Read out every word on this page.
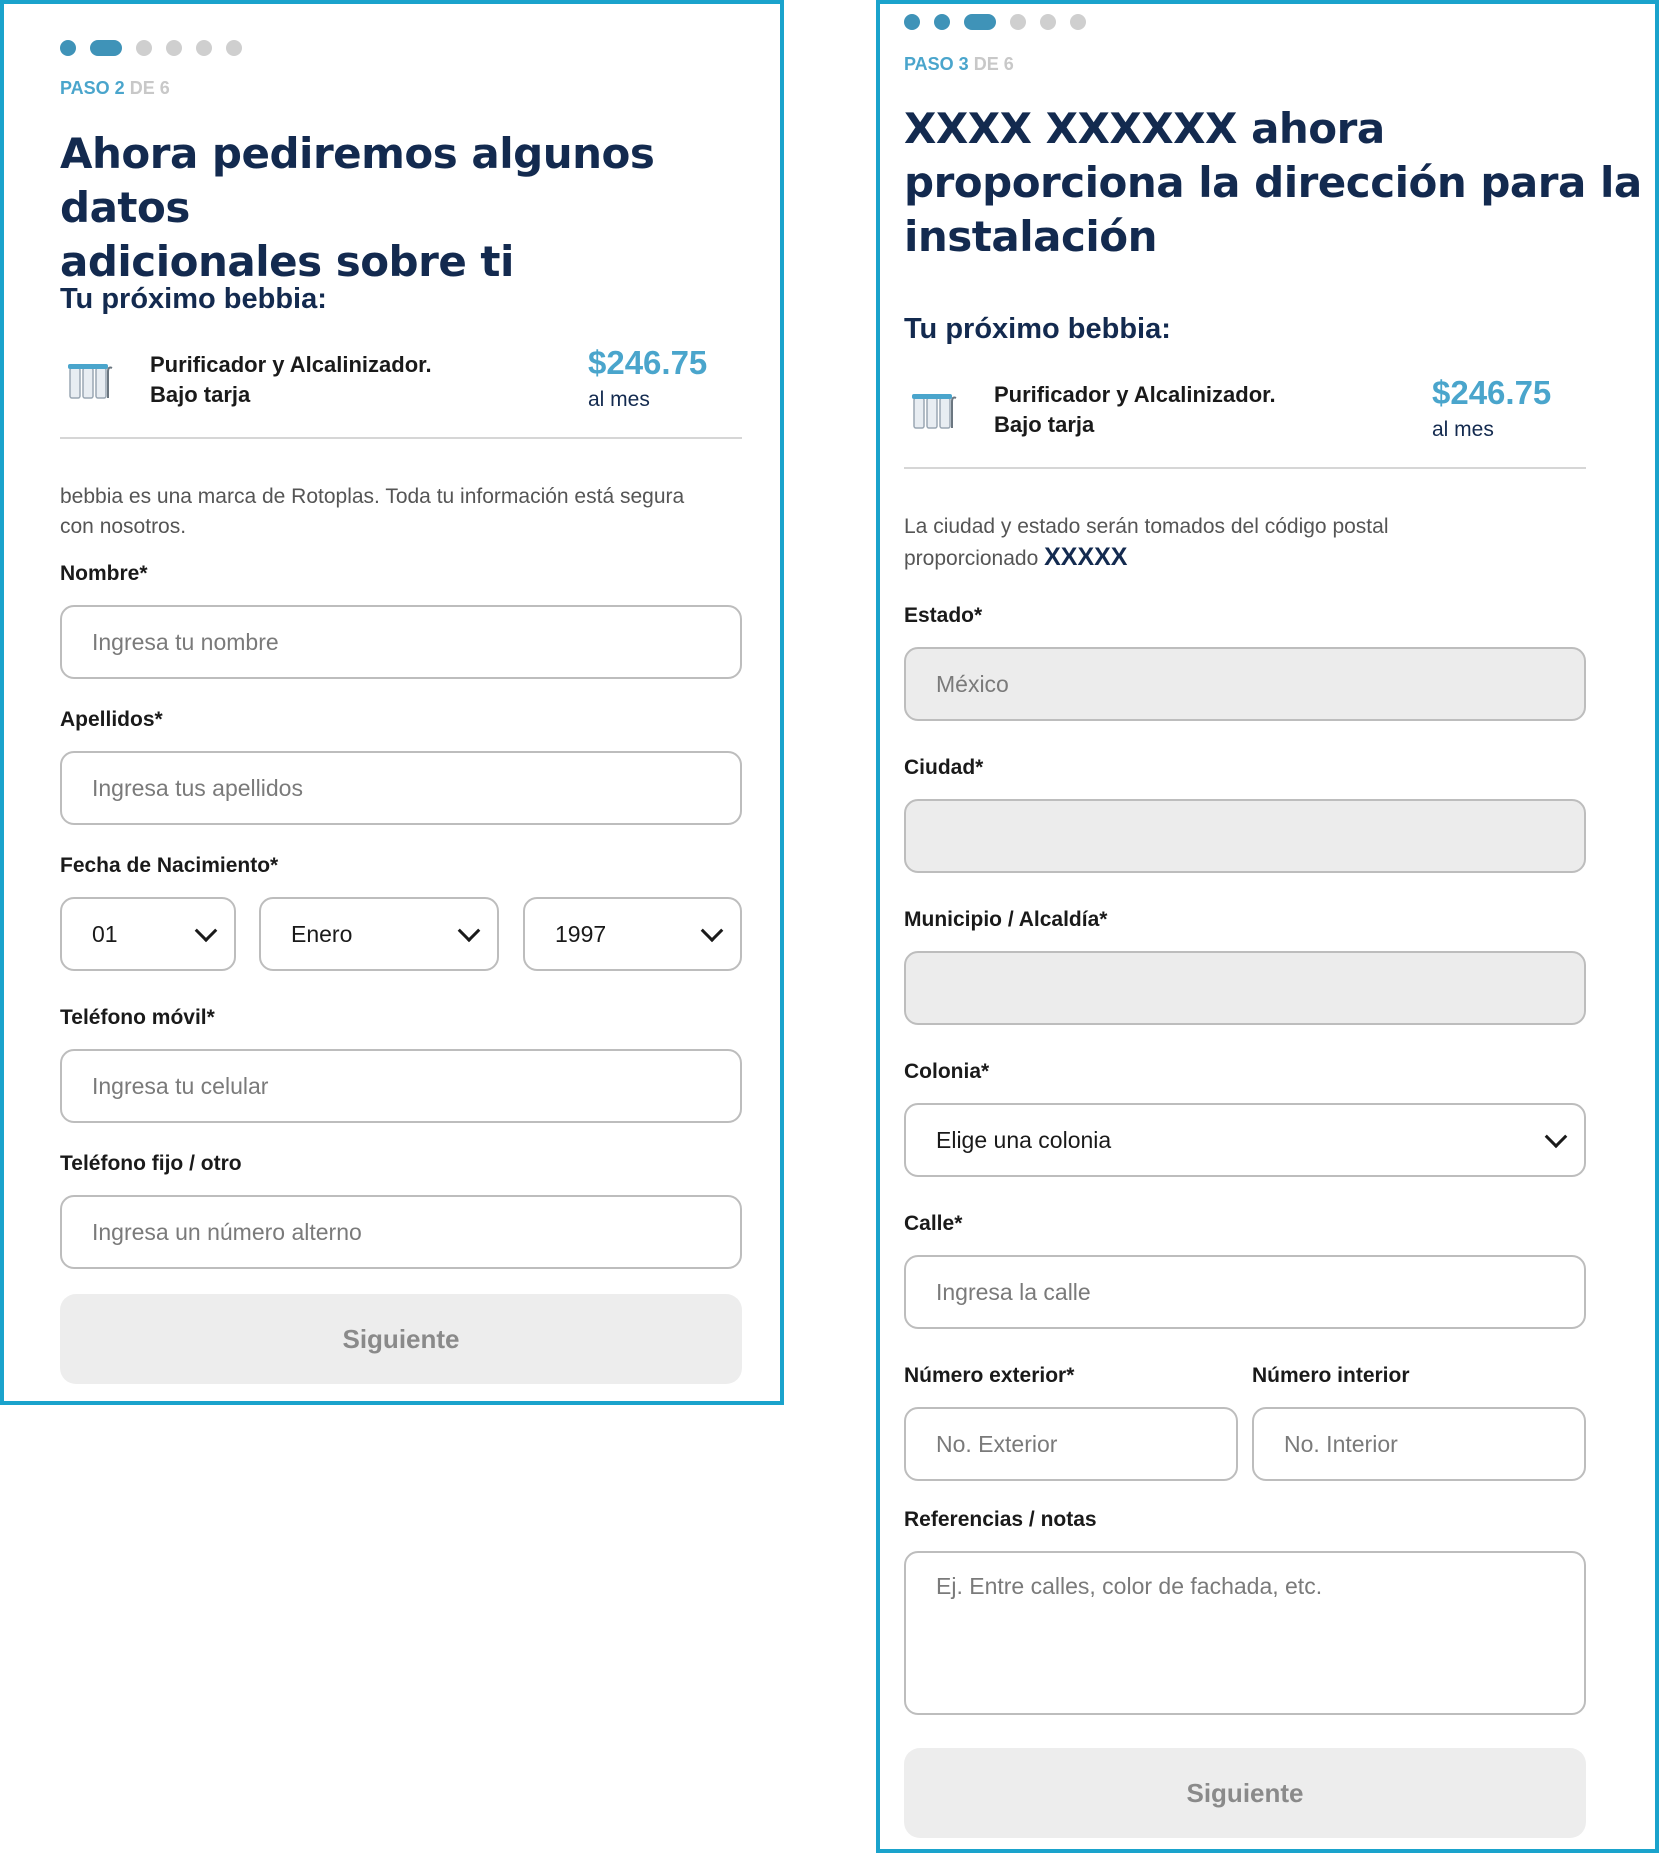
PASO 2 DE 6
Ahora pediremos algunos datos
adicionales sobre ti
Tu próximo bebbia:
Purificador y Alcalinizador.
Bajo tarja
$246.75
al mes
bebbia es una marca de Rotoplas. Toda tu información está segura
con nosotros.
Nombre*
Ingresa tu nombre
Apellidos*
Ingresa tus apellidos
Fecha de Nacimiento*
01	Enero	1997
Teléfono móvil*
Ingresa tu celular
Teléfono fijo / otro
Ingresa un número alterno
Siguiente
PASO 3 DE 6
XXXX XXXXXX ahora
proporciona la dirección para la
instalación
Tu próximo bebbia:
Purificador y Alcalinizador.
Bajo tarja
$246.75
al mes
La ciudad y estado serán tomados del código postal
proporcionado XXXXX
Estado*
México
Ciudad*
Municipio / Alcaldía*
Colonia*
Elige una colonia
Calle*
Ingresa la calle
Número exterior*
No. Exterior
Número interior
No. Interior
Referencias / notas
Ej. Entre calles, color de fachada, etc.
Siguiente
